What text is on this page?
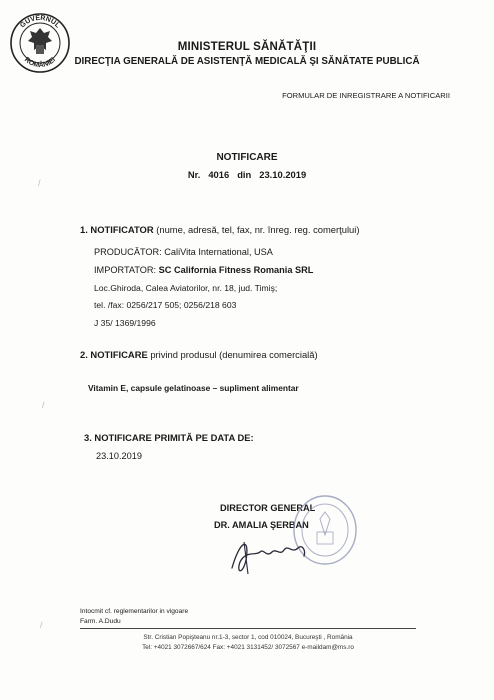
GUVERNUL
ROMÂNIEI
MINISTERUL SĂNĂTĂŢII
DIRECŢIA GENERALĂ DE ASISTENŢĂ MEDICALĂ ŞI SĂNĂTATE PUBLICĂ
FORMULAR DE INREGISTRARE A NOTIFICARII
/
/
/
NOTIFICARE
Nr. 4016 din 23.10.2019
1. NOTIFICATOR (nume, adresă, tel, fax, nr. înreg. reg. comerţului)
PRODUCĂTOR: CaliVita International, USA
IMPORTATOR: SC California Fitness Romania SRL
Loc.Ghiroda, Calea Aviatorilor, nr. 18, jud. Timiş;
tel. /fax: 0256/217 505; 0256/218 603
J 35/ 1369/1996
2. NOTIFICARE privind produsul (denumirea comercială)
Vitamin E, capsule gelatinoase – supliment alimentar
3. NOTIFICARE PRIMITĂ PE DATA DE:
23.10.2019
DIRECTOR GENERAL
DR. AMALIA ŞERBAN
Intocmit cf. reglementarilor in vigoare
Farm. A.Dudu
Str. Cristian Popişteanu nr.1-3, sector 1, cod 010024, Bucureşti , România
Tel: +4021 3072667/624 Fax: +4021 3131452/ 3072567 e-maildam@ms.ro
